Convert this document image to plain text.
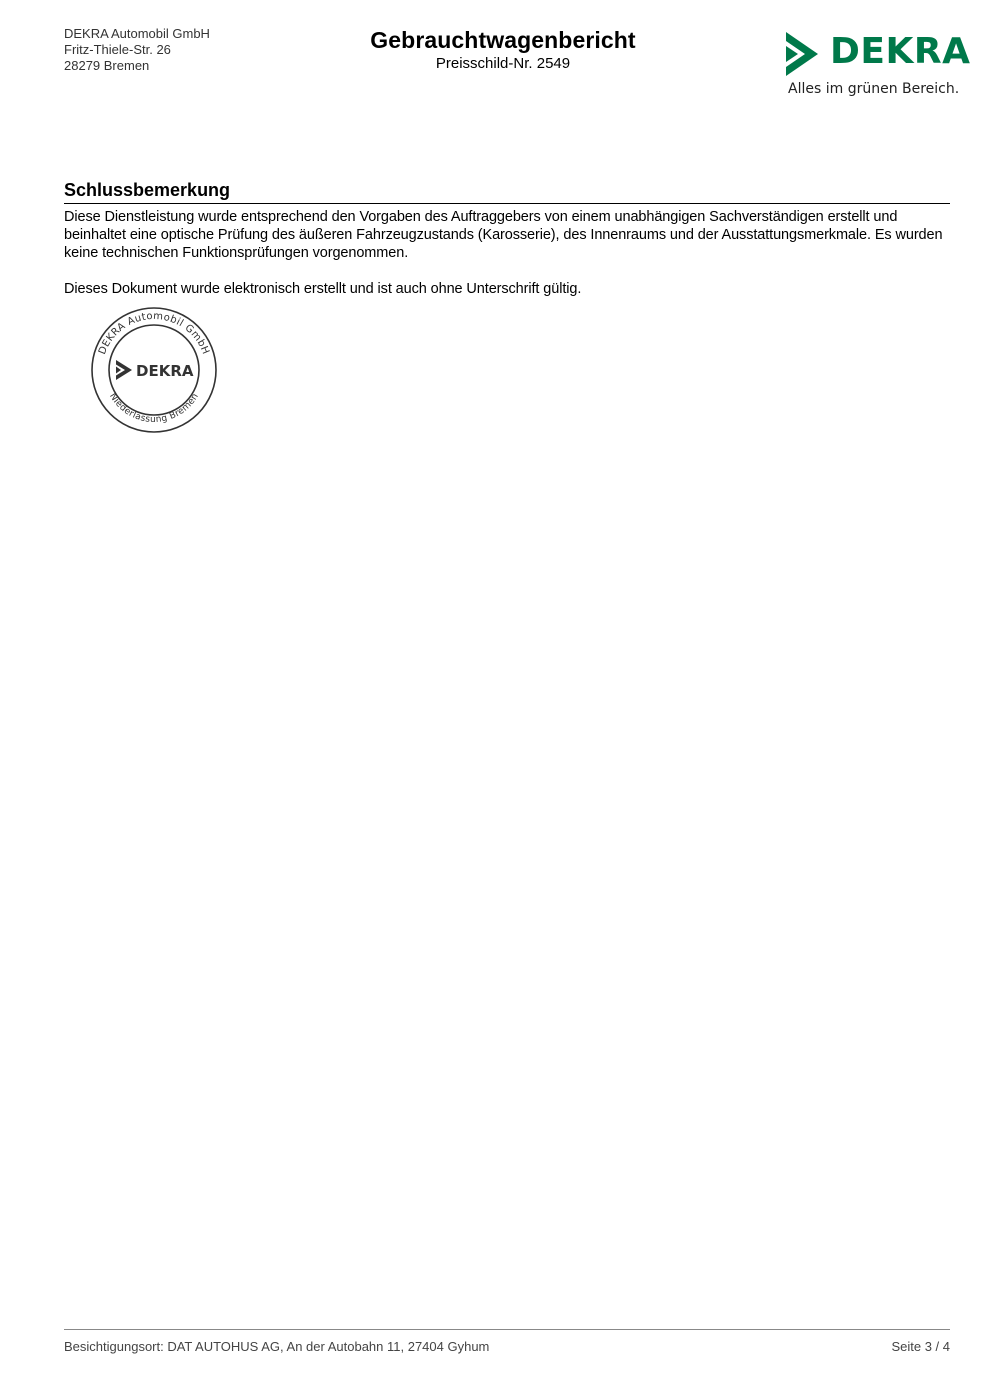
DEKRA Automobil GmbH
Fritz-Thiele-Str. 26
28279 Bremen
Gebrauchtwagenbericht
Preisschild-Nr. 2549	DEKRA
Alles im grünen Bereich.
Schlussbemerkung
Diese Dienstleistung wurde entsprechend den Vorgaben des Auftraggebers von einem unabhängigen Sachverständigen erstellt und beinhaltet eine optische Prüfung des äußeren Fahrzeugzustands (Karosserie), des Innenraums und der Ausstattungsmerkmale. Es wurden keine technischen Funktionsprüfungen vorgenommen.
Dieses Dokument wurde elektronisch erstellt und ist auch ohne Unterschrift gültig.
DEKRA Automobil GmbH
Niederlassung Bremen
DEKRA
Besichtigungsort: DAT AUTOHUS AG, An der Autobahn 11, 27404 Gyhum	Seite 3 / 4
